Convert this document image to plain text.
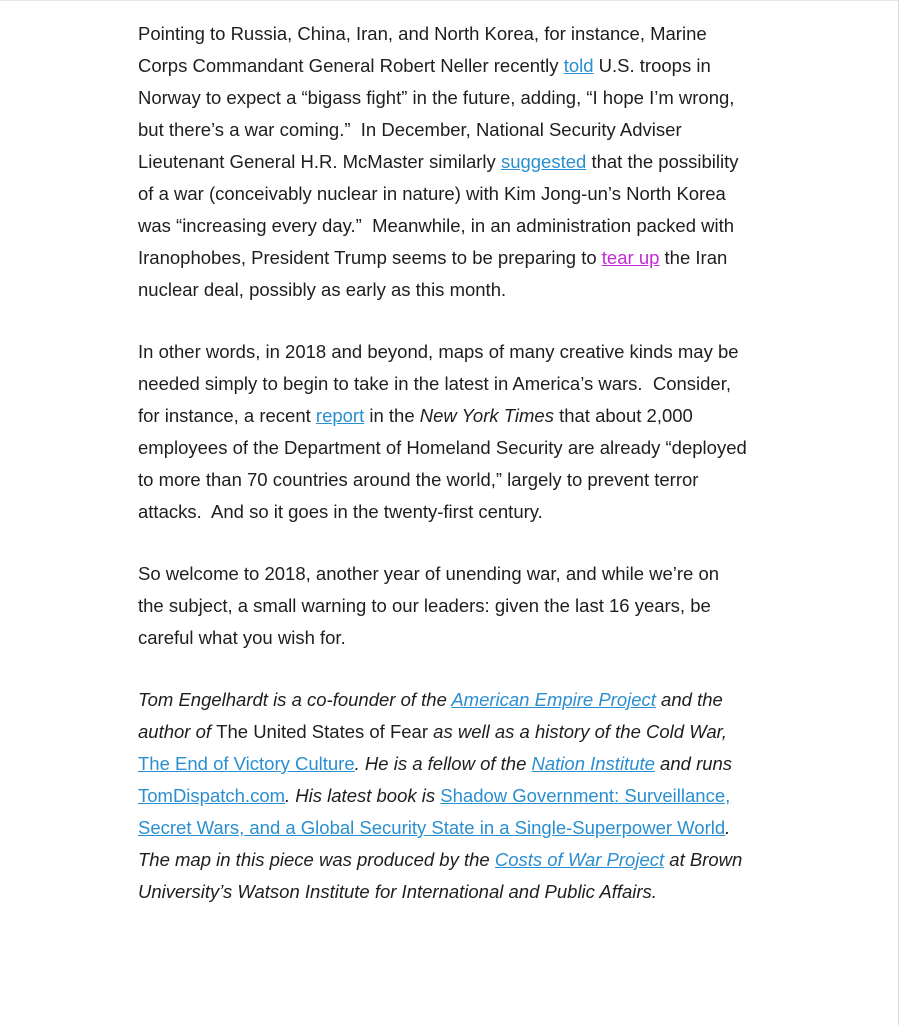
Pointing to Russia, China, Iran, and North Korea, for instance, Marine Corps Commandant General Robert Neller recently told U.S. troops in Norway to expect a “bigass fight” in the future, adding, “I hope I’m wrong, but there’s a war coming.”  In December, National Security Adviser Lieutenant General H.R. McMaster similarly suggested that the possibility of a war (conceivably nuclear in nature) with Kim Jong-un’s North Korea was “increasing every day.”  Meanwhile, in an administration packed with Iranophobes, President Trump seems to be preparing to tear up the Iran nuclear deal, possibly as early as this month.

In other words, in 2018 and beyond, maps of many creative kinds may be needed simply to begin to take in the latest in America’s wars.  Consider, for instance, a recent report in the New York Times that about 2,000 employees of the Department of Homeland Security are already “deployed to more than 70 countries around the world,” largely to prevent terror attacks.  And so it goes in the twenty-first century.

So welcome to 2018, another year of unending war, and while we’re on the subject, a small warning to our leaders: given the last 16 years, be careful what you wish for.

Tom Engelhardt is a co-founder of the American Empire Project and the author of The United States of Fear as well as a history of the Cold War, The End of Victory Culture. He is a fellow of the Nation Institute and runs TomDispatch.com. His latest book is Shadow Government: Surveillance, Secret Wars, and a Global Security State in a Single-Superpower World.  The map in this piece was produced by the Costs of War Project at Brown University’s Watson Institute for International and Public Affairs.
